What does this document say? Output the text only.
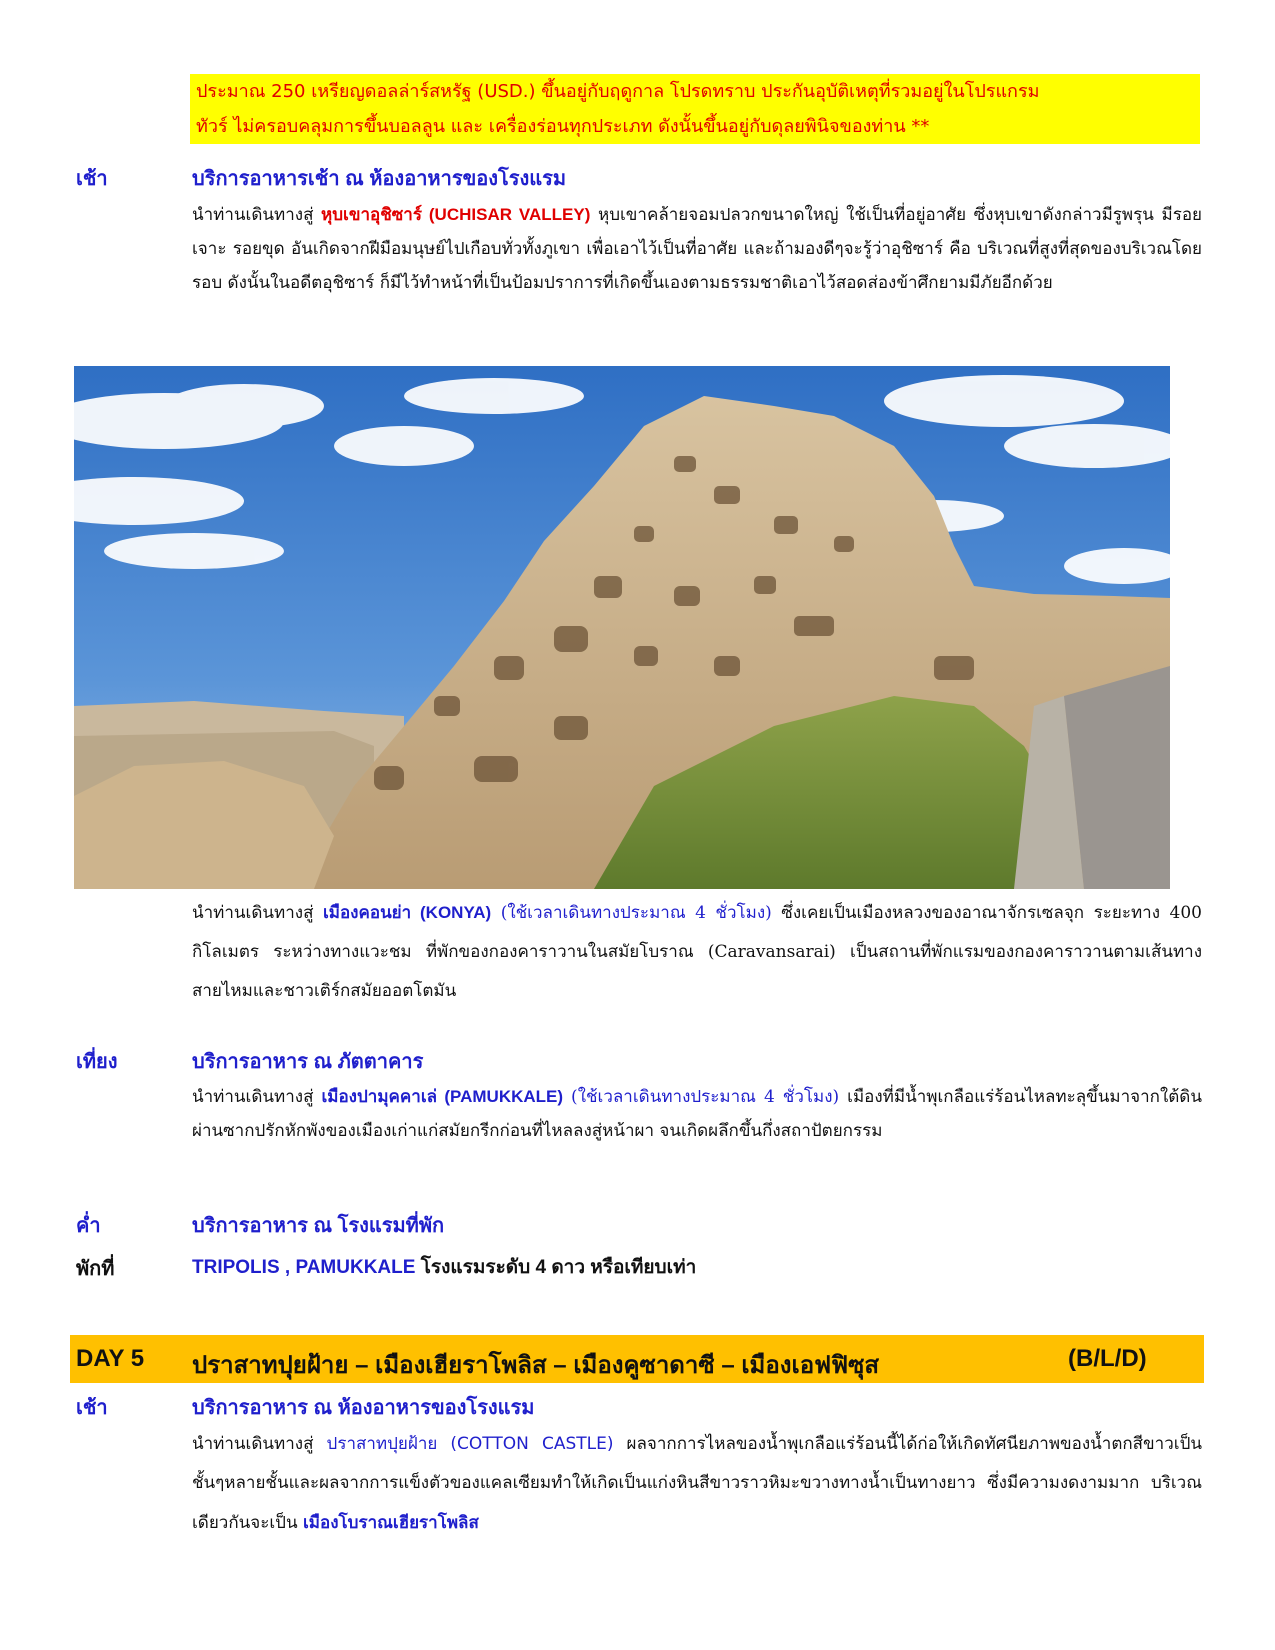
ประมาณ 250 เหรียญดอลล่าร์สหรัฐ (USD.) ขึ้นอยู่กับฤดูกาล โปรดทราบ ประกันอุบัติเหตุที่รวมอยู่ในโปรแกรม
ทัวร์ ไม่ครอบคลุมการขึ้นบอลลูน และ เครื่องร่อนทุกประเภท ดังนั้นขึ้นอยู่กับดุลยพินิจของท่าน **
เช้า	บริการอาหารเช้า ณ ห้องอาหารของโรงแรม
นำท่านเดินทางสู่ หุบเขาอุชิซาร์ (UCHISAR VALLEY) หุบเขาคล้ายจอมปลวกขนาดใหญ่ ใช้เป็นที่อยู่อาศัย ซึ่งหุบเขาดังกล่าวมีรูพรุน มีรอยเจาะ รอยขุด อันเกิดจากฝีมือมนุษย์ไปเกือบทั่วทั้งภูเขา เพื่อเอาไว้เป็นที่อาศัย และถ้ามองดีๆจะรู้ว่าอุชิซาร์ คือ บริเวณที่สูงที่สุดของบริเวณโดยรอบ ดังนั้นในอดีตอุชิซาร์ ก็มีไว้ทำหน้าที่เป็นป้อมปราการที่เกิดขึ้นเองตามธรรมชาติเอาไว้สอดส่องข้าศึกยามมีภัยอีกด้วย
นำท่านเดินทางสู่ เมืองคอนย่า (KONYA) (ใช้เวลาเดินทางประมาณ 4 ชั่วโมง) ซึ่งเคยเป็นเมืองหลวงของอาณาจักรเซลจุก ระยะทาง 400 กิโลเมตร ระหว่างทางแวะชม ที่พักของกองคาราวานในสมัยโบราณ (Caravansarai) เป็นสถานที่พักแรมของกองคาราวานตามเส้นทางสายไหมและชาวเติร์กสมัยออตโตมัน
เที่ยง	บริการอาหาร ณ ภัตตาคาร
นำท่านเดินทางสู่ เมืองปามุคคาเล่ (PAMUKKALE) (ใช้เวลาเดินทางประมาณ 4 ชั่วโมง) เมืองที่มีน้ำพุเกลือแร่ร้อนไหลทะลุขึ้นมาจากใต้ดินผ่านซากปรักหักพังของเมืองเก่าแก่สมัยกรีกก่อนที่ไหลลงสู่หน้าผา จนเกิดผลึกขึ้นกึ่งสถาปัตยกรรม
ค่ำ	บริการอาหาร ณ โรงแรมที่พัก
พักที่	TRIPOLIS , PAMUKKALE โรงแรมระดับ 4 ดาว หรือเทียบเท่า
DAY 5 ปราสาทปุยฝ้าย – เมืองเฮียราโพลิส – เมืองคูซาดาซี – เมืองเอฟฟิซุส	(B/L/D)
เช้า	บริการอาหาร ณ ห้องอาหารของโรงแรม
นำท่านเดินทางสู่ ปราสาทปุยฝ้าย (COTTON CASTLE) ผลจากการไหลของน้ำพุเกลือแร่ร้อนนี้ได้ก่อให้เกิดทัศนียภาพของน้ำตกสีขาวเป็นชั้นๆหลายชั้นและผลจากการแข็งตัวของแคลเซียมทำให้เกิดเป็นแก่งหินสีขาวราวหิมะขวางทางน้ำเป็นทางยาว ซึ่งมีความงดงามมาก บริเวณเดียวกันจะเป็น เมืองโบราณเฮียราโพลิส
